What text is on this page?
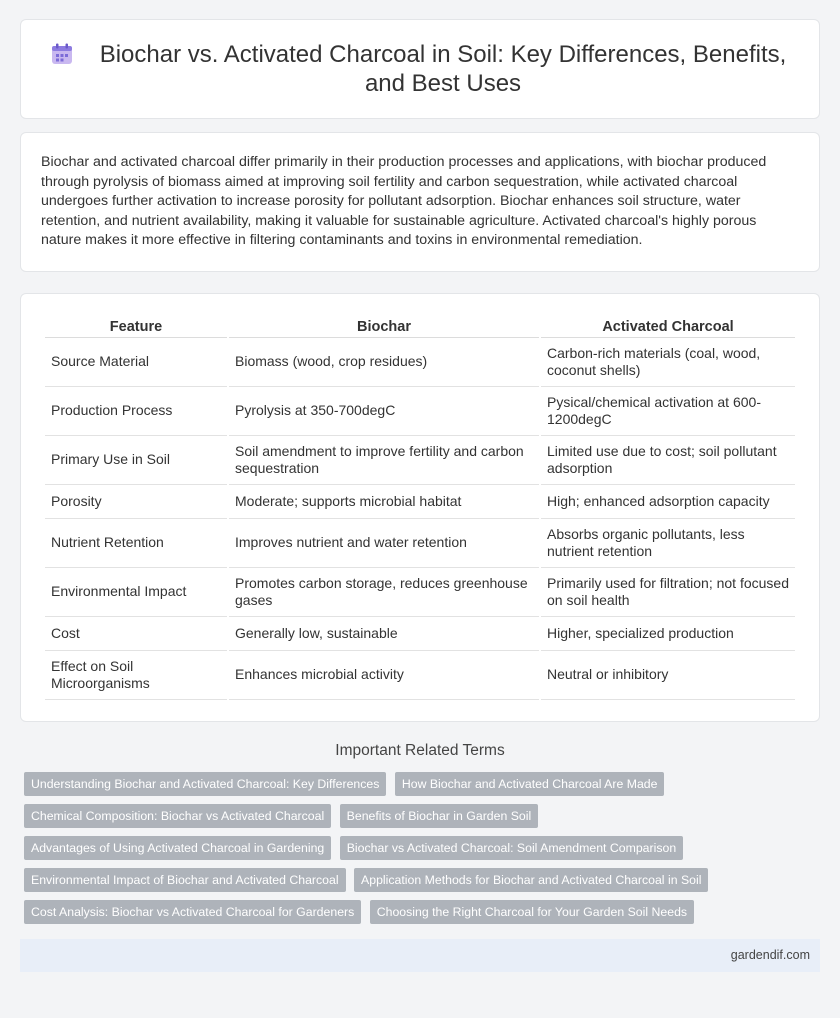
Biochar vs. Activated Charcoal in Soil: Key Differences, Benefits, and Best Uses

Biochar and activated charcoal differ primarily in their production processes and applications, with biochar produced through pyrolysis of biomass aimed at improving soil fertility and carbon sequestration, while activated charcoal undergoes further activation to increase porosity for pollutant adsorption. Biochar enhances soil structure, water retention, and nutrient availability, making it valuable for sustainable agriculture. Activated charcoal's highly porous nature makes it more effective in filtering contaminants and toxins in environmental remediation.

Feature	Biochar	Activated Charcoal
Source Material	Biomass (wood, crop residues)	Carbon-rich materials (coal, wood, coconut shells)
Production Process	Pyrolysis at 350-700degC	Pysical/chemical activation at 600-1200degC
Primary Use in Soil	Soil amendment to improve fertility and carbon sequestration	Limited use due to cost; soil pollutant adsorption
Porosity	Moderate; supports microbial habitat	High; enhanced adsorption capacity
Nutrient Retention	Improves nutrient and water retention	Absorbs organic pollutants, less nutrient retention
Environmental Impact	Promotes carbon storage, reduces greenhouse gases	Primarily used for filtration; not focused on soil health
Cost	Generally low, sustainable	Higher, specialized production
Effect on Soil Microorganisms	Enhances microbial activity	Neutral or inhibitory
Important Related Terms
Understanding Biochar and Activated Charcoal: Key Differences How Biochar and Activated Charcoal Are Made
Chemical Composition: Biochar vs Activated Charcoal Benefits of Biochar in Garden Soil
Advantages of Using Activated Charcoal in Gardening Biochar vs Activated Charcoal: Soil Amendment Comparison
Environmental Impact of Biochar and Activated Charcoal Application Methods for Biochar and Activated Charcoal in Soil
Cost Analysis: Biochar vs Activated Charcoal for Gardeners Choosing the Right Charcoal for Your Garden Soil Needs
gardendif.com
